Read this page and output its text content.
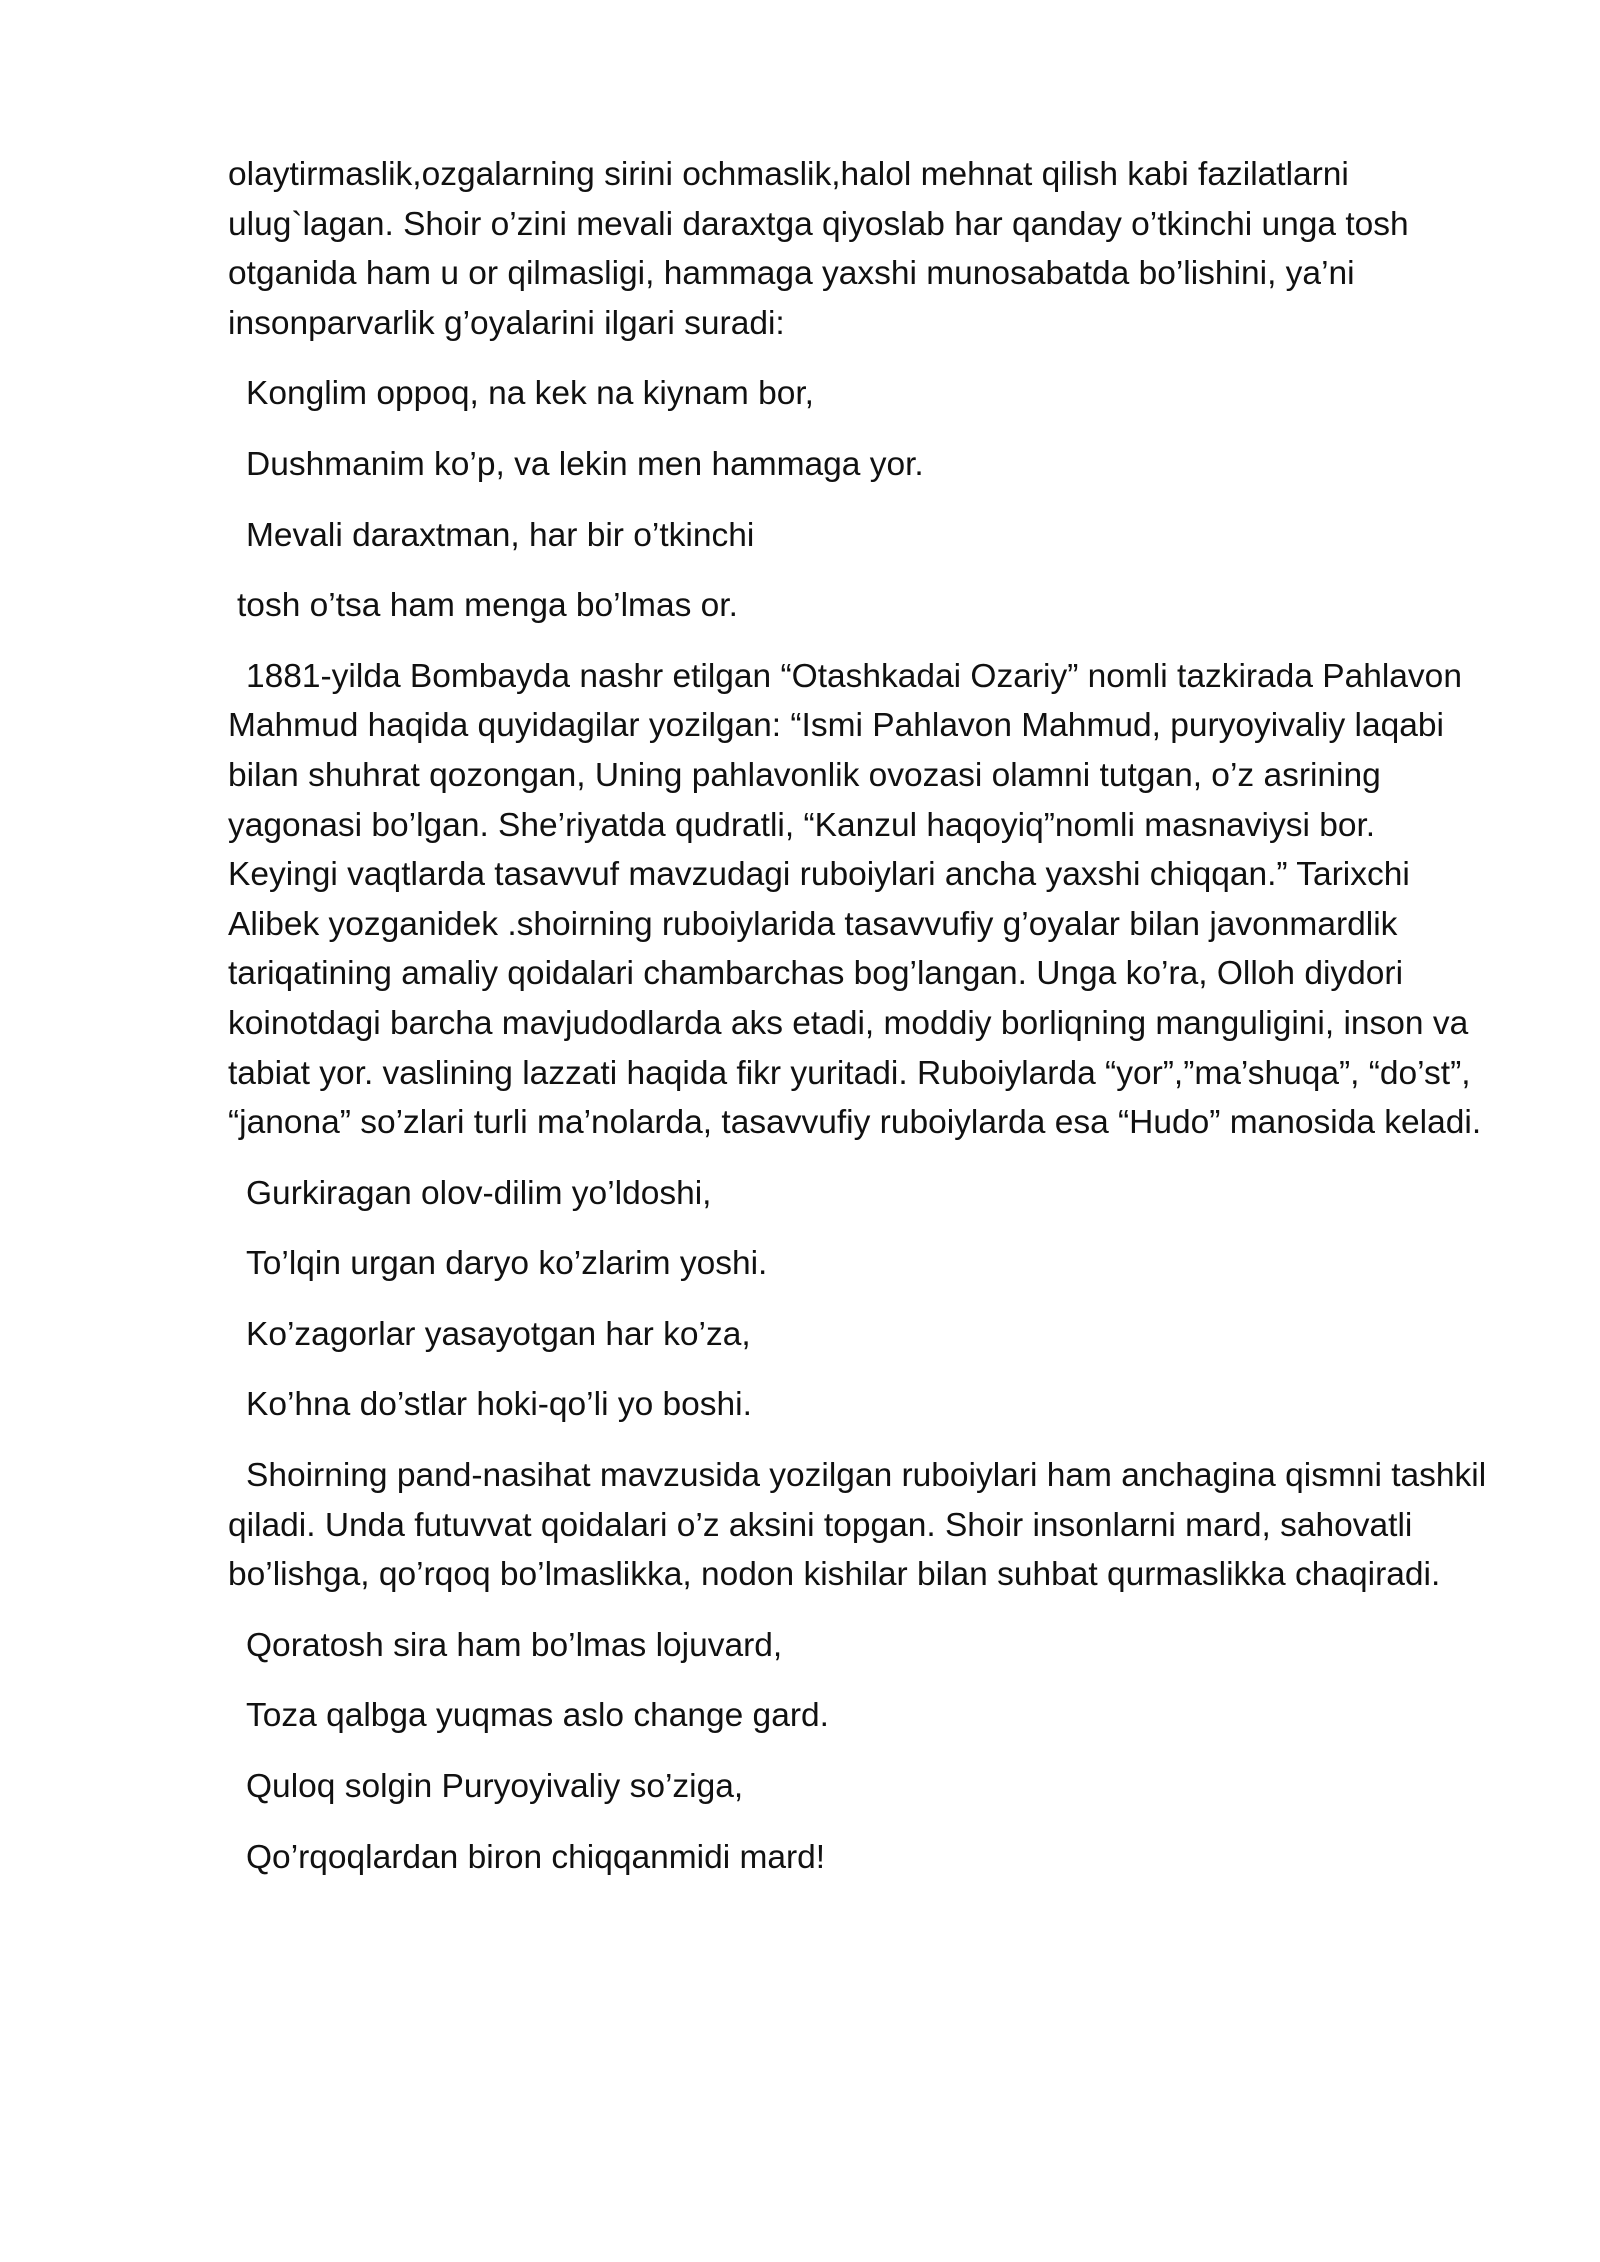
olaytirmaslik,ozgalarning sirini ochmaslik,halol mehnat qilish kabi fazilatlarni ulug`lagan. Shoir o’zini mevali daraxtga qiyoslab har qanday o’tkinchi unga tosh otganida ham u or qilmasligi, hammaga yaxshi munosabatda bo’lishini, ya’ni insonparvarlik g’oyalarini ilgari suradi:

Konglim oppoq, na kek na kiynam bor,
Dushmanim ko’p, va lekin men hammaga yor.
Mevali daraxtman, har bir o’tkinchi
tosh o’tsa ham menga bo’lmas or.

1881-yilda Bombayda nashr etilgan “Otashkadai Ozariy” nomli tazkirada Pahlavon Mahmud haqida quyidagilar yozilgan: “Ismi Pahlavon Mahmud, puryoyivaliy laqabi bilan shuhrat qozongan, Uning pahlavonlik ovozasi olamni tutgan, o’z asrining yagonasi bo’lgan. She’riyatda qudratli, “Kanzul haqoyiq”nomli masnaviysi bor. Keyingi vaqtlarda tasavvuf mavzudagi ruboiylari ancha yaxshi chiqqan.” Tarixchi Alibek yozganidek .shoirning ruboiylarida tasavvufiy g’oyalar bilan javonmardlik tariqatining amaliy qoidalari chambarchas bog’langan. Unga ko’ra, Olloh diydori koinotdagi barcha mavjudodlarda aks etadi, moddiy borliqning manguligini, inson va tabiat yor. vaslining lazzati haqida fikr yuritadi. Ruboiylarda “yor”,”ma’shuqa”, “do’st”, “janona” so’zlari turli ma’nolarda, tasavvufiy ruboiylarda esa “Hudo” manosida keladi.

Gurkiragan olov-dilim yo’ldoshi,
To’lqin urgan daryo ko’zlarim yoshi.
Ko’zagorlar yasayotgan har ko’za,
Ko’hna do’stlar hoki-qo’li yo boshi.

Shoirning pand-nasihat mavzusida yozilgan ruboiylari ham anchagina qismni tashkil qiladi. Unda futuvvat qoidalari o’z aksini topgan. Shoir insonlarni mard, sahovatli bo’lishga, qo’rqoq bo’lmaslikka, nodon kishilar bilan suhbat qurmaslikka chaqiradi.

Qoratosh sira ham bo’lmas lojuvard,
Toza qalbga yuqmas aslo change gard.
Quloq solgin Puryoyivaliy so’ziga,
Qo’rqoqlardan biron chiqqanmidi mard!
